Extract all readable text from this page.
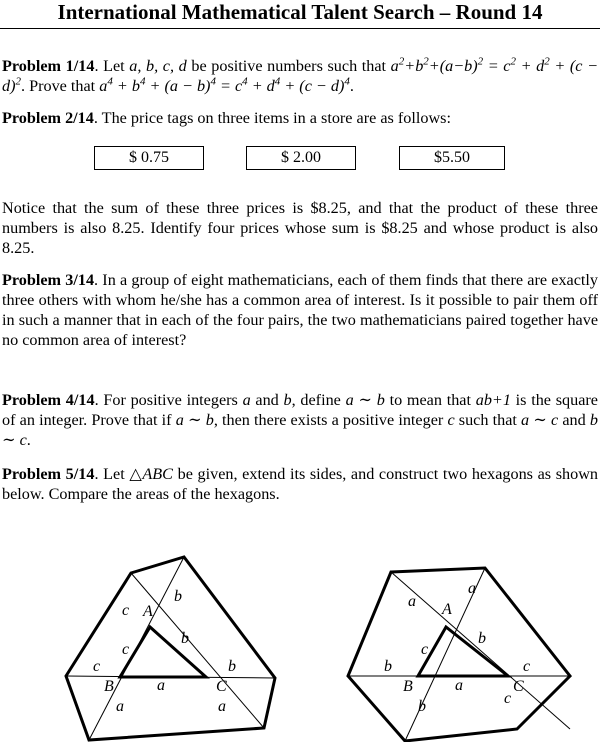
International Mathematical Talent Search – Round 14
Problem 1/14. Let a, b, c, d be positive numbers such that $a^2+b^2+(a-b)^2 = c^2 + d^2 + (c - d)^2$. Prove that $a^4 + b^4 + (a - b)^4 = c^4 + d^4 + (c - d)^4$.
Problem 2/14. The price tags on three items in a store are as follows:
$ 0.75	$ 2.00	$5.50
Notice that the sum of these three prices is $8.25, and that the product of these three numbers is also 8.25. Identify four prices whose sum is $8.25 and whose product is also 8.25.
Problem 3/14. In a group of eight mathematicians, each of them finds that there are exactly three others with whom he/she has a common area of interest. Is it possible to pair them off in such a manner that in each of the four pairs, the two mathematicians paired together have no common area of interest?
Problem 4/14. For positive integers a and b, define a ∼ b to mean that ab+1 is the square of an integer. Prove that if a ∼ b, then there exists a positive integer c such that a ∼ c and b ∼ c.
Problem 5/14. Let △ABC be given, extend its sides, and construct two hexagons as shown below. Compare the areas of the hexagons.
A
B	C
c
b
c
b
c
a
b
a	a
A
B	C
a
a
c
b
b
a
c
b	c
